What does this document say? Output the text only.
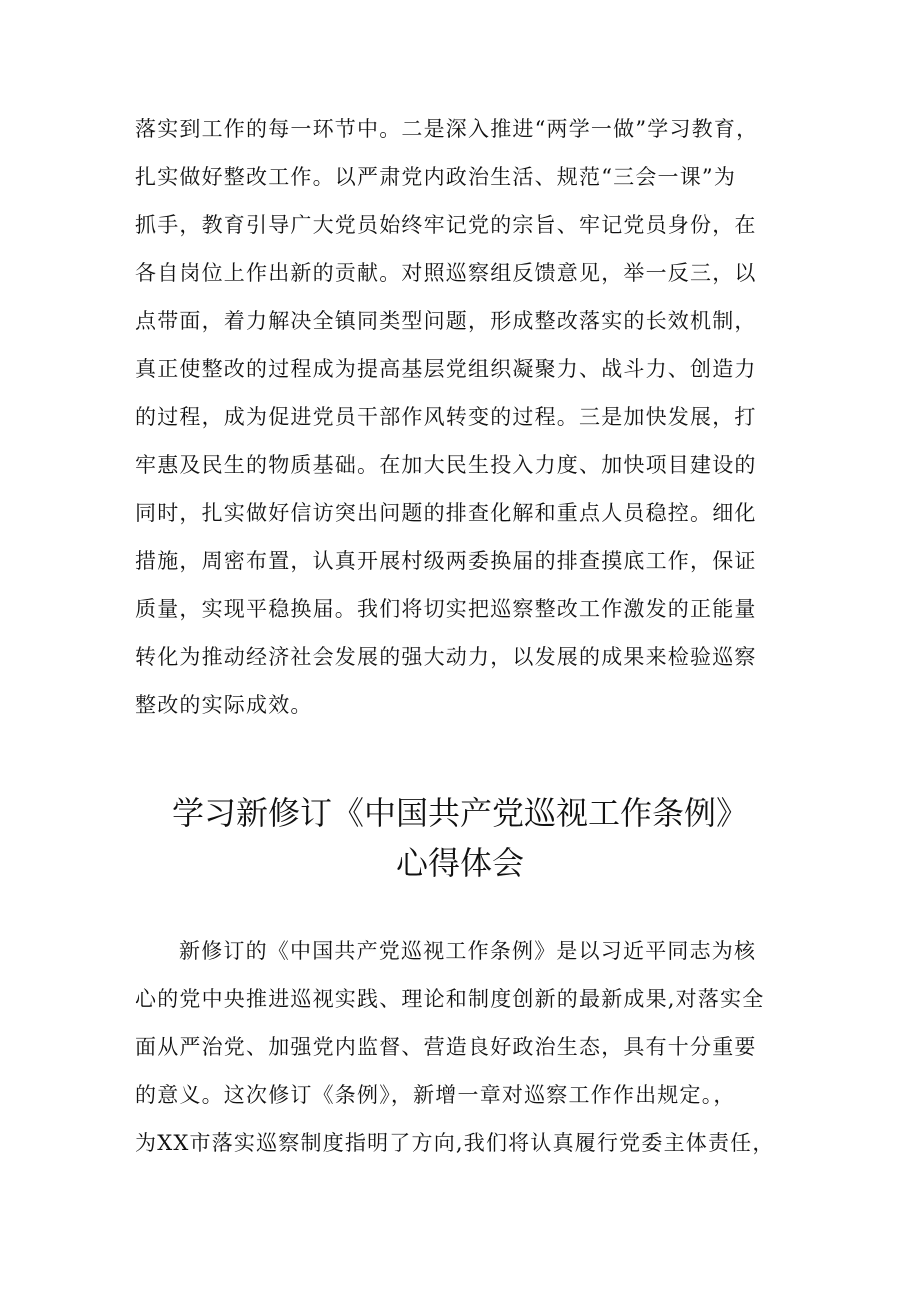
落实到工作的每一环节中。二是深入推进“两学一做”学习教育，
扎实做好整改工作。以严肃党内政治生活、规范“三会一课”为
抓手，教育引导广大党员始终牢记党的宗旨、牢记党员身份，在
各自岗位上作出新的贡献。对照巡察组反馈意见，举一反三，以
点带面，着力解决全镇同类型问题，形成整改落实的长效机制，
真正使整改的过程成为提高基层党组织凝聚力、战斗力、创造力
的过程，成为促进党员干部作风转变的过程。三是加快发展，打
牢惠及民生的物质基础。在加大民生投入力度、加快项目建设的
同时，扎实做好信访突出问题的排查化解和重点人员稳控。细化
措施，周密布置，认真开展村级两委换届的排查摸底工作，保证
质量，实现平稳换届。我们将切实把巡察整改工作激发的正能量
转化为推动经济社会发展的强大动力，以发展的成果来检验巡察
整改的实际成效。
学习新修订《中国共产党巡视工作条例》
心得体会
新修订的《中国共产党巡视工作条例》是以习近平同志为核
心的党中央推进巡视实践、理论和制度创新的最新成果,对落实全
面从严治党、加强党内监督、营造良好政治生态，具有十分重要
的意义。这次修订《条例》，新增一章对巡察工作作出规定。，
为XX市落实巡察制度指明了方向,我们将认真履行党委主体责任，
